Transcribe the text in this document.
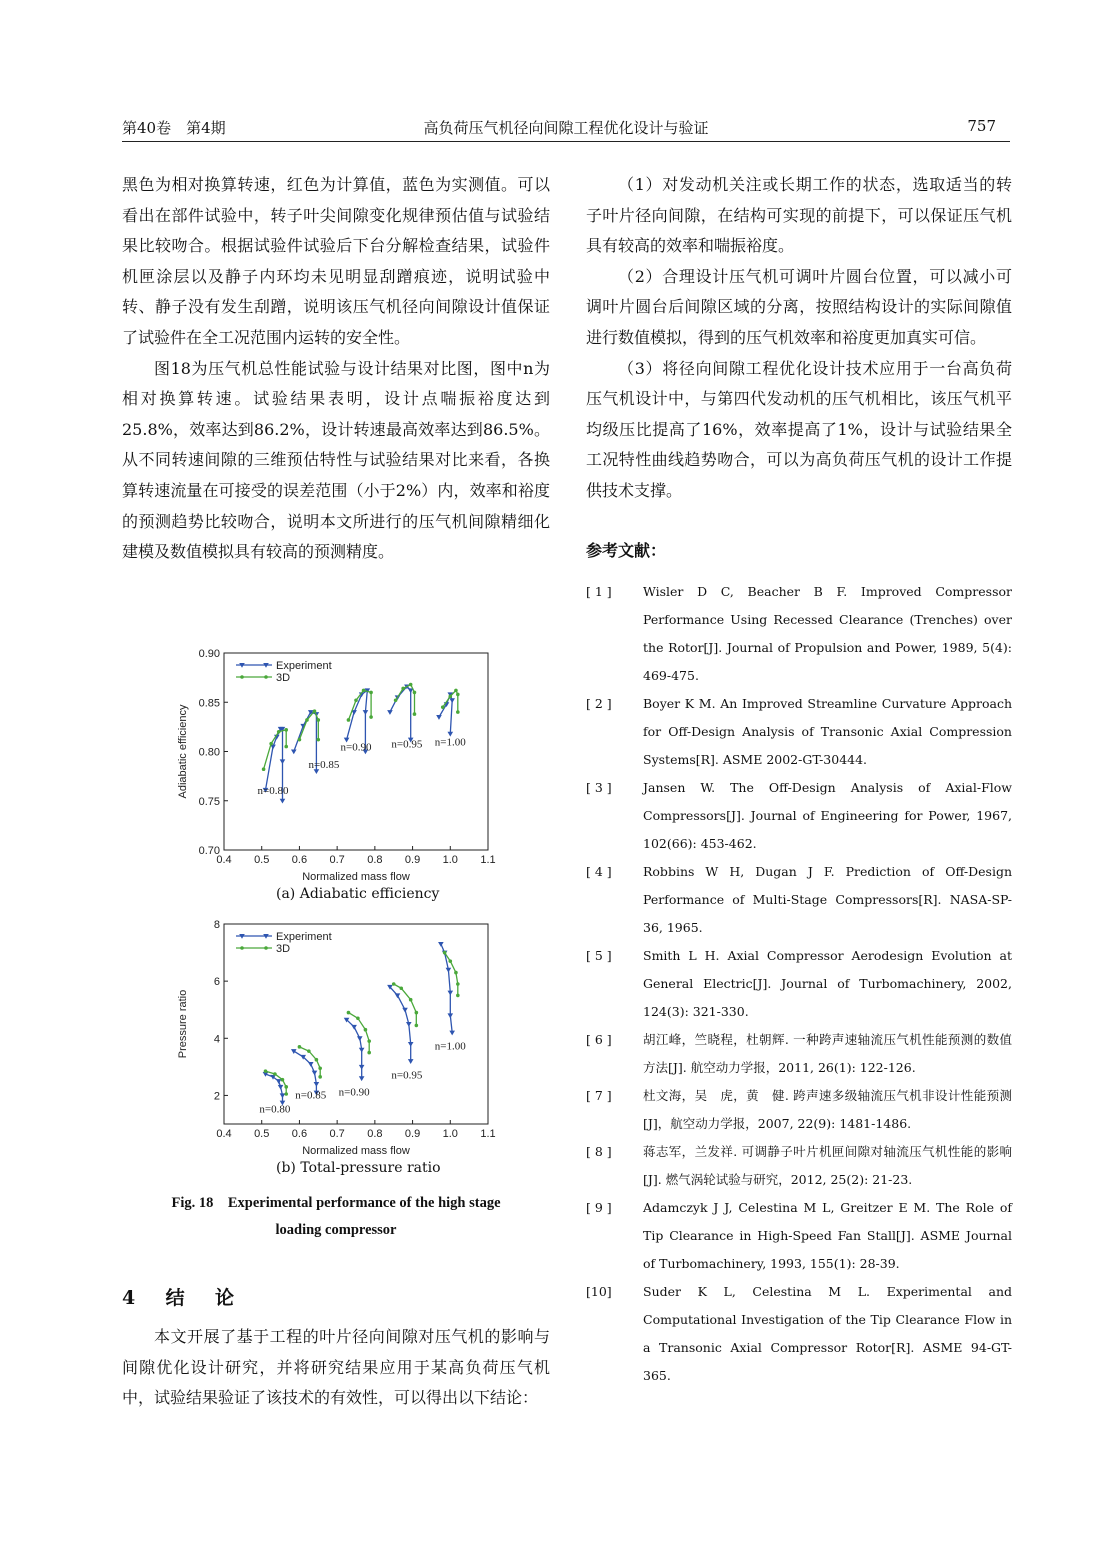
第40卷　第4期	高负荷压气机径向间隙工程优化设计与验证	757

黑色为相对换算转速，红色为计算值，蓝色为实测值。可以看出在部件试验中，转子叶尖间隙变化规律预估值与试验结果比较吻合。根据试验件试验后下台分解检查结果，试验件机匣涂层以及静子内环均未见明显刮蹭痕迹，说明试验中转、静子没有发生刮蹭，说明该压气机径向间隙设计值保证了试验件在全工况范围内运转的安全性。

图18为压气机总性能试验与设计结果对比图，图中n为相对换算转速。试验结果表明，设计点喘振裕度达到25.8%，效率达到86.2%，设计转速最高效率达到86.5%。从不同转速间隙的三维预估特性与试验结果对比来看，各换算转速流量在可接受的误差范围（小于2%）内，效率和裕度的预测趋势比较吻合，说明本文所进行的压气机间隙精细化建模及数值模拟具有较高的预测精度。

0.4 0.5 0.6 0.7 0.8 0.9 1.0 1.1
0.70
0.75
0.80
0.85
0.90
Normalized mass flow
Adiabatic efficiency
Experiment
3D
n=0.80
n=0.85
n=0.90 n=0.95 n=1.00
(a) Adiabatic efficiency
0.4 0.5 0.6 0.7 0.8 0.9 1.0 1.1
2
4
6
8
Normalized mass flow
Pressure ratio
Experiment
3D
n=0.80
n=0.85 n=0.90
n=0.95
n=1.00
(b) Total-pressure ratio
Fig. 18　Experimental performance of the high stage
loading compressor
4　结　论

本文开展了基于工程的叶片径向间隙对压气机的影响与间隙优化设计研究，并将研究结果应用于某高负荷压气机中，试验结果验证了该技术的有效性，可以得出以下结论：

（1）对发动机关注或长期工作的状态，选取适当的转子叶片径向间隙，在结构可实现的前提下，可以保证压气机具有较高的效率和喘振裕度。

（2）合理设计压气机可调叶片圆台位置，可以减小可调叶片圆台后间隙区域的分离，按照结构设计的实际间隙值进行数值模拟，得到的压气机效率和裕度更加真实可信。

（3）将径向间隙工程优化设计技术应用于一台高负荷压气机设计中，与第四代发动机的压气机相比，该压气机平均级压比提高了16%，效率提高了1%，设计与试验结果全工况特性曲线趋势吻合，可以为高负荷压气机的设计工作提供技术支撑。

参考文献：
[ 1 ]	Wisler D C, Beacher B F. Improved Compressor Performance Using Recessed Clearance (Trenches) over the Rotor[J]. Journal of Propulsion and Power, 1989, 5(4): 469-475.
[ 2 ]	Boyer K M. An Improved Streamline Curvature Approach for Off-Design Analysis of Transonic Axial Compression Systems[R]. ASME 2002-GT-30444.
[ 3 ]	Jansen W. The Off-Design Analysis of Axial-Flow Compressors[J]. Journal of Engineering for Power, 1967, 102(66): 453-462.
[ 4 ]	Robbins W H, Dugan J F. Prediction of Off-Design Performance of Multi-Stage Compressors[R]. NASA-SP-36, 1965.
[ 5 ]	Smith L H. Axial Compressor Aerodesign Evolution at General Electric[J]. Journal of Turbomachinery, 2002, 124(3): 321-330.
[ 6 ]	胡江峰，竺晓程，杜朝辉. 一种跨声速轴流压气机性能预测的数值方法[J]. 航空动力学报，2011, 26(1): 122-126.
[ 7 ]	杜文海，吴　虎，黄　健. 跨声速多级轴流压气机非设计性能预测[J]，航空动力学报，2007, 22(9): 1481-1486.
[ 8 ]	蒋志军，兰发祥. 可调静子叶片机匣间隙对轴流压气机性能的影响[J]. 燃气涡轮试验与研究，2012, 25(2): 21-23.
[ 9 ]	Adamczyk J J, Celestina M L, Greitzer E M. The Role of Tip Clearance in High-Speed Fan Stall[J]. ASME Journal of Turbomachinery, 1993, 155(1): 28-39.
[10]	Suder K L, Celestina M L. Experimental and Computational Investigation of the Tip Clearance Flow in a Transonic Axial Compressor Rotor[R]. ASME 94-GT-365.
